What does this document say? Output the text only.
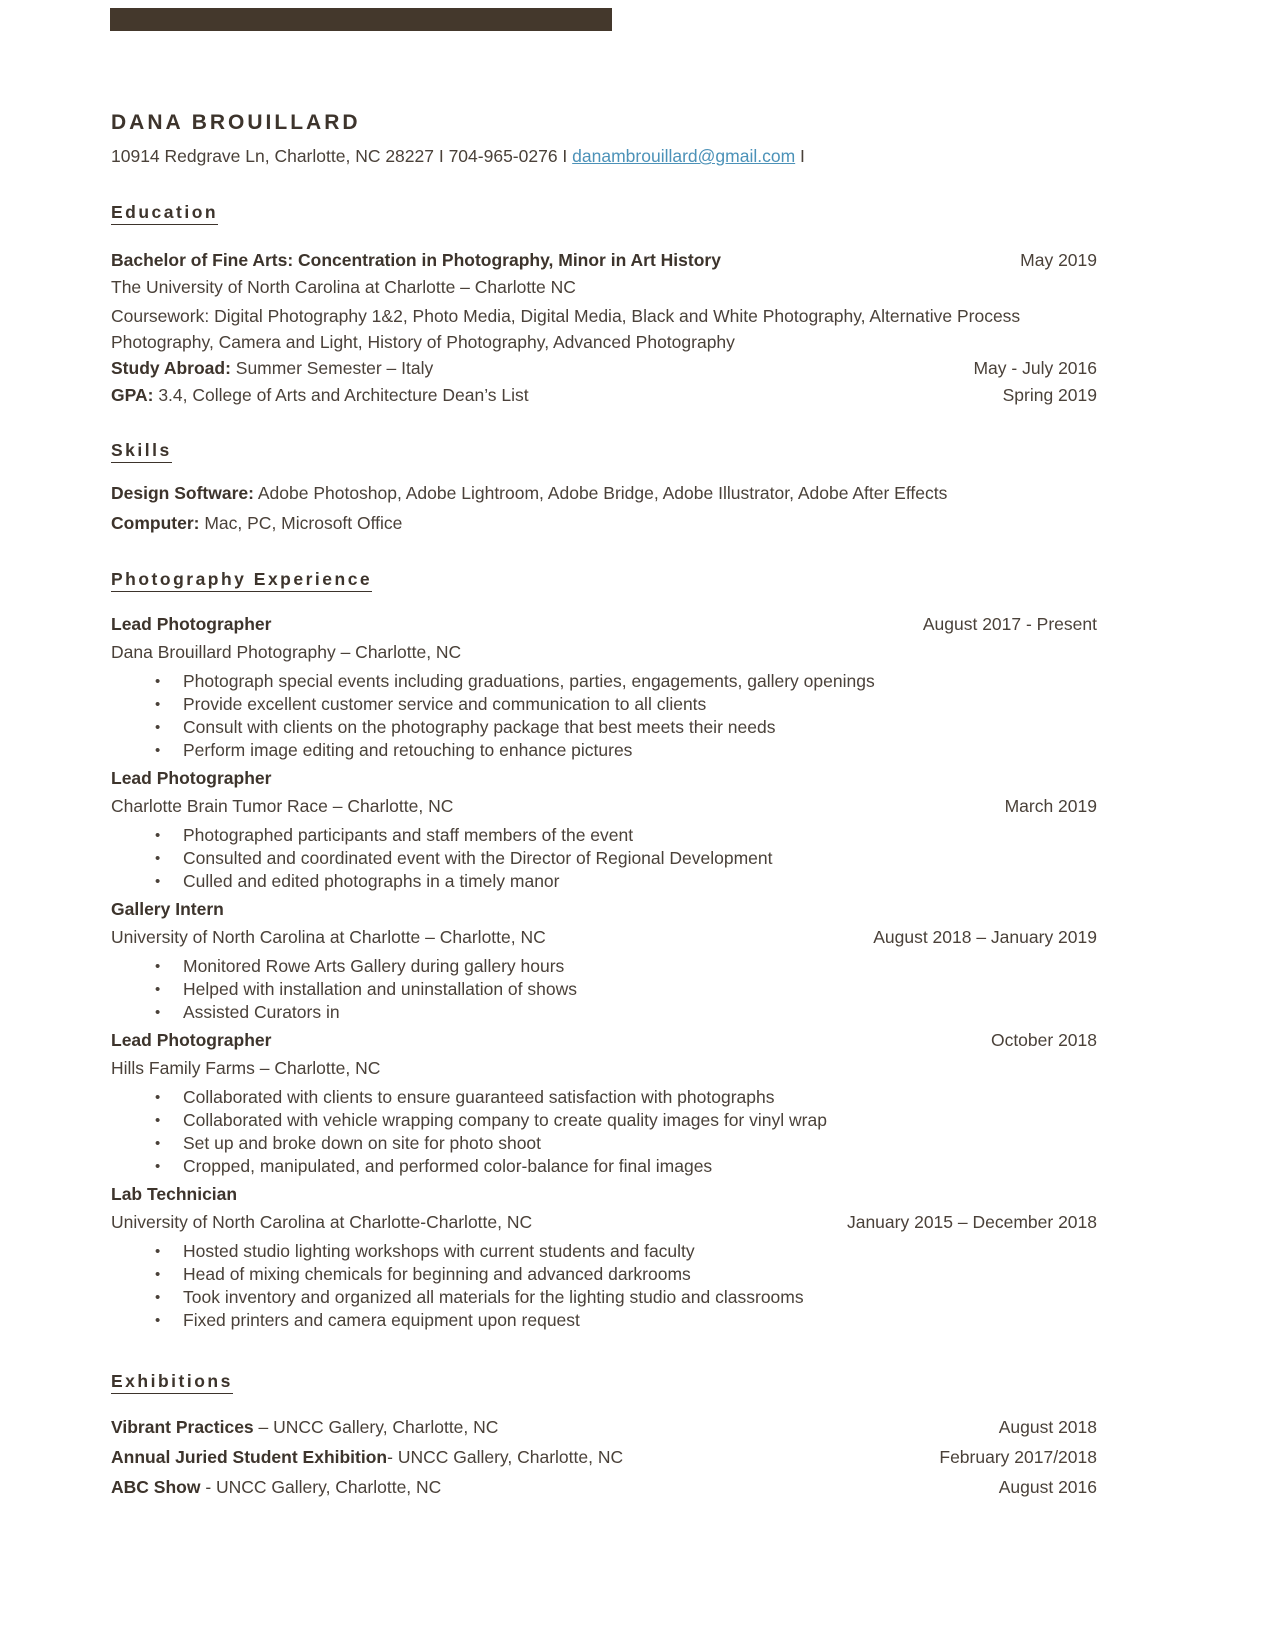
DANA BROUILLARD
10914 Redgrave Ln, Charlotte, NC 28227 I 704-965-0276 I danambrouillard@gmail.com I
Education
Bachelor of Fine Arts: Concentration in Photography, Minor in Art History	May 2019
The University of North Carolina at Charlotte – Charlotte NC

Coursework: Digital Photography 1&2, Photo Media, Digital Media, Black and White Photography, Alternative Process Photography, Camera and Light, History of Photography, Advanced Photography

Study Abroad: Summer Semester – Italy	May - July 2016
GPA: 3.4, College of Arts and Architecture Dean’s List	Spring 2019
Skills

Design Software: Adobe Photoshop, Adobe Lightroom, Adobe Bridge, Adobe Illustrator, Adobe After Effects

Computer: Mac, PC, Microsoft Office

Photography Experience
Lead Photographer	August 2017 - Present
Dana Brouillard Photography – Charlotte, NC
• Photograph special events including graduations, parties, engagements, gallery openings
• Provide excellent customer service and communication to all clients
• Consult with clients on the photography package that best meets their needs
• Perform image editing and retouching to enhance pictures
Lead Photographer
Charlotte Brain Tumor Race – Charlotte, NC	March 2019
• Photographed participants and staff members of the event
• Consulted and coordinated event with the Director of Regional Development
• Culled and edited photographs in a timely manor
Gallery Intern
University of North Carolina at Charlotte – Charlotte, NC	August 2018 – January 2019
• Monitored Rowe Arts Gallery during gallery hours
• Helped with installation and uninstallation of shows
• Assisted Curators in
Lead Photographer	October 2018
Hills Family Farms – Charlotte, NC
• Collaborated with clients to ensure guaranteed satisfaction with photographs
• Collaborated with vehicle wrapping company to create quality images for vinyl wrap
• Set up and broke down on site for photo shoot
• Cropped, manipulated, and performed color-balance for final images
Lab Technician
University of North Carolina at Charlotte-Charlotte, NC	January 2015 – December 2018
• Hosted studio lighting workshops with current students and faculty
• Head of mixing chemicals for beginning and advanced darkrooms
• Took inventory and organized all materials for the lighting studio and classrooms
• Fixed printers and camera equipment upon request
Exhibitions
Vibrant Practices – UNCC Gallery, Charlotte, NC	August 2018
Annual Juried Student Exhibition- UNCC Gallery, Charlotte, NC	February 2017/2018
ABC Show - UNCC Gallery, Charlotte, NC	August 2016
